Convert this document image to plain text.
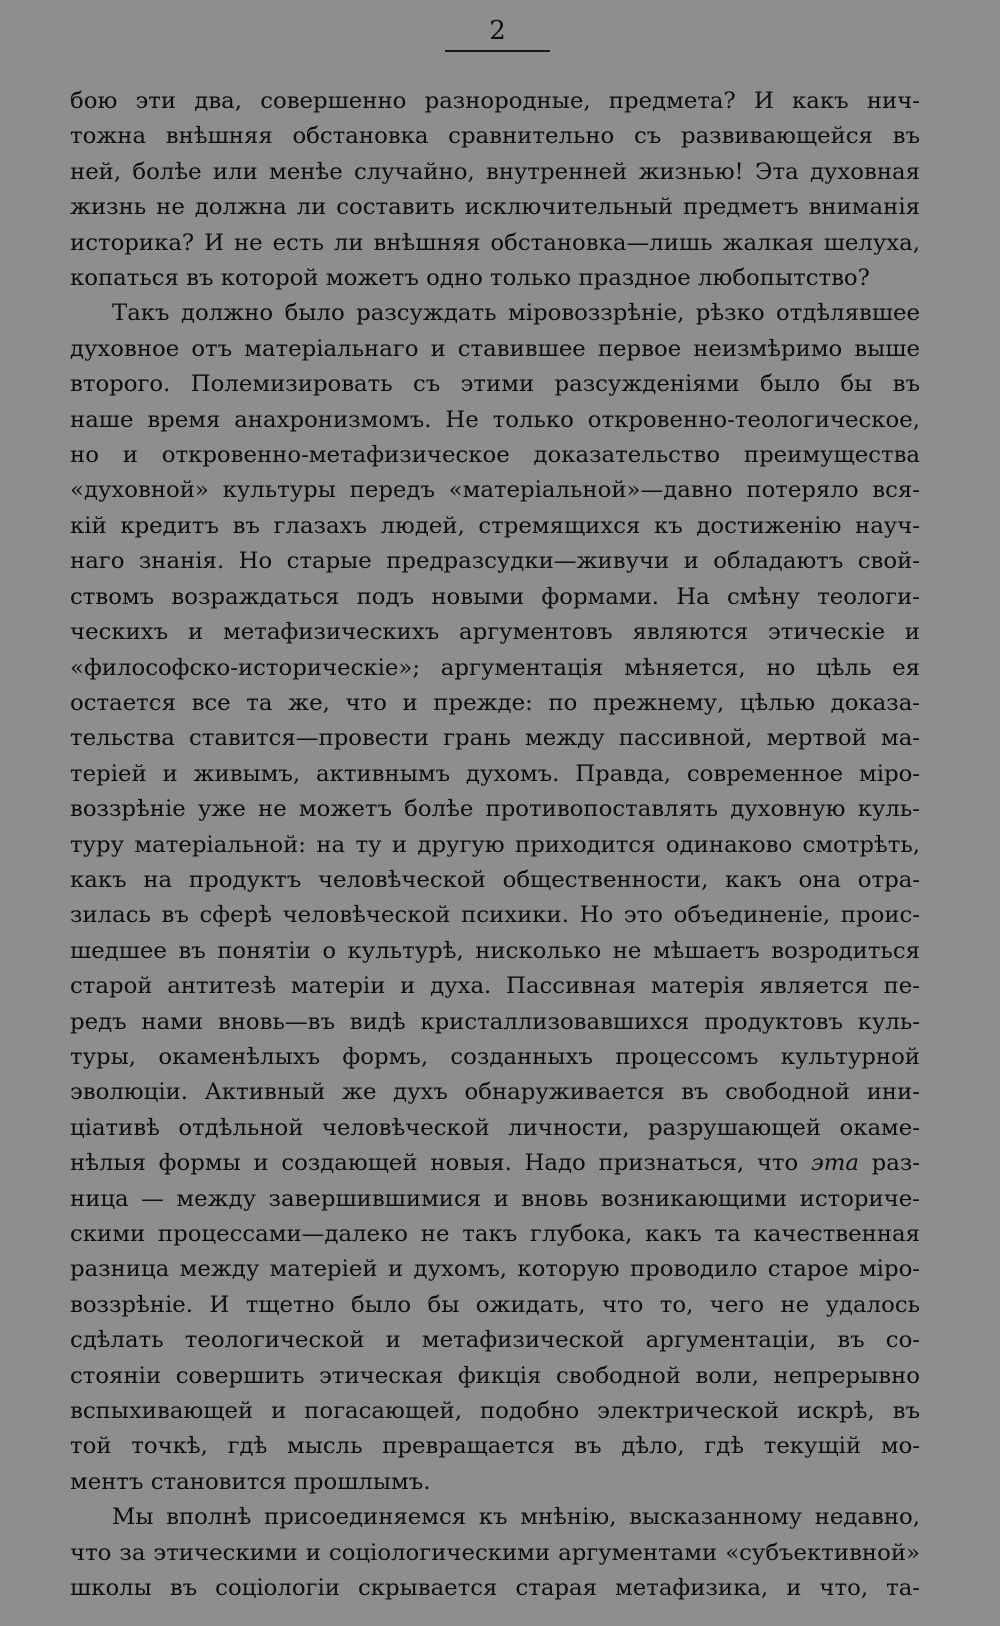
2
бою эти два, совершенно разнородные, предмета? И какъ нич-
тожна внѣшняя обстановка сравнительно съ развивающейся въ
ней, болѣе или менѣе случайно, внутренней жизнью! Эта духовная
жизнь не должна ли составить исключительный предметъ вниманія
историка? И не есть ли внѣшняя обстановка—лишь жалкая шелуха,
копаться въ которой можетъ одно только праздное любопытство?
Такъ должно было разсуждать міровоззрѣніе, рѣзко отдѣлявшее
духовное отъ матеріальнаго и ставившее первое неизмѣримо выше
второго. Полемизировать съ этими разсужденіями было бы въ
наше время анахронизмомъ. Не только откровенно-теологическое,
но и откровенно-метафизическое доказательство преимущества
«духовной» культуры передъ «матеріальной»—давно потеряло вся-
кій кредитъ въ глазахъ людей, стремящихся къ достиженію науч-
наго знанія. Но старые предразсудки—живучи и обладаютъ свой-
ствомъ возраждаться подъ новыми формами. На смѣну теологи-
ческихъ и метафизическихъ аргументовъ являются этическіе и
«философско-историческіе»; аргументація мѣняется, но цѣль ея
остается все та же, что и прежде: по прежнему, цѣлью доказа-
тельства ставится—провести грань между пассивной, мертвой ма-
теріей и живымъ, активнымъ духомъ. Правда, современное міро-
воззрѣніе уже не можетъ болѣе противопоставлять духовную куль-
туру матеріальной: на ту и другую приходится одинаково смотрѣть,
какъ на продуктъ человѣческой общественности, какъ она отра-
зилась въ сферѣ человѣческой психики. Но это объединеніе, проис-
шедшее въ понятіи о культурѣ, нисколько не мѣшаетъ возродиться
старой антитезѣ матеріи и духа. Пассивная матерія является пе-
редъ нами вновь—въ видѣ кристаллизовавшихся продуктовъ куль-
туры, окаменѣлыхъ формъ, созданныхъ процессомъ культурной
эволюціи. Активный же духъ обнаруживается въ свободной ини-
ціативѣ отдѣльной человѣческой личности, разрушающей окаме-
нѣлыя формы и создающей новыя. Надо признаться, что эта раз-
ница — между завершившимися и вновь возникающими историче-
скими процессами—далеко не такъ глубока, какъ та качественная
разница между матеріей и духомъ, которую проводило старое міро-
воззрѣніе. И тщетно было бы ожидать, что то, чего не удалось
сдѣлать теологической и метафизической аргументаціи, въ со-
стояніи совершить этическая фикція свободной воли, непрерывно
вспыхивающей и погасающей, подобно электрической искрѣ, въ
той точкѣ, гдѣ мысль превращается въ дѣло, гдѣ текущій мо-
ментъ становится прошлымъ.
Мы вполнѣ присоединяемся къ мнѣнію, высказанному недавно,
что за этическими и соціологическими аргументами «субъективной»
школы въ соціологіи скрывается старая метафизика, и что, та-
